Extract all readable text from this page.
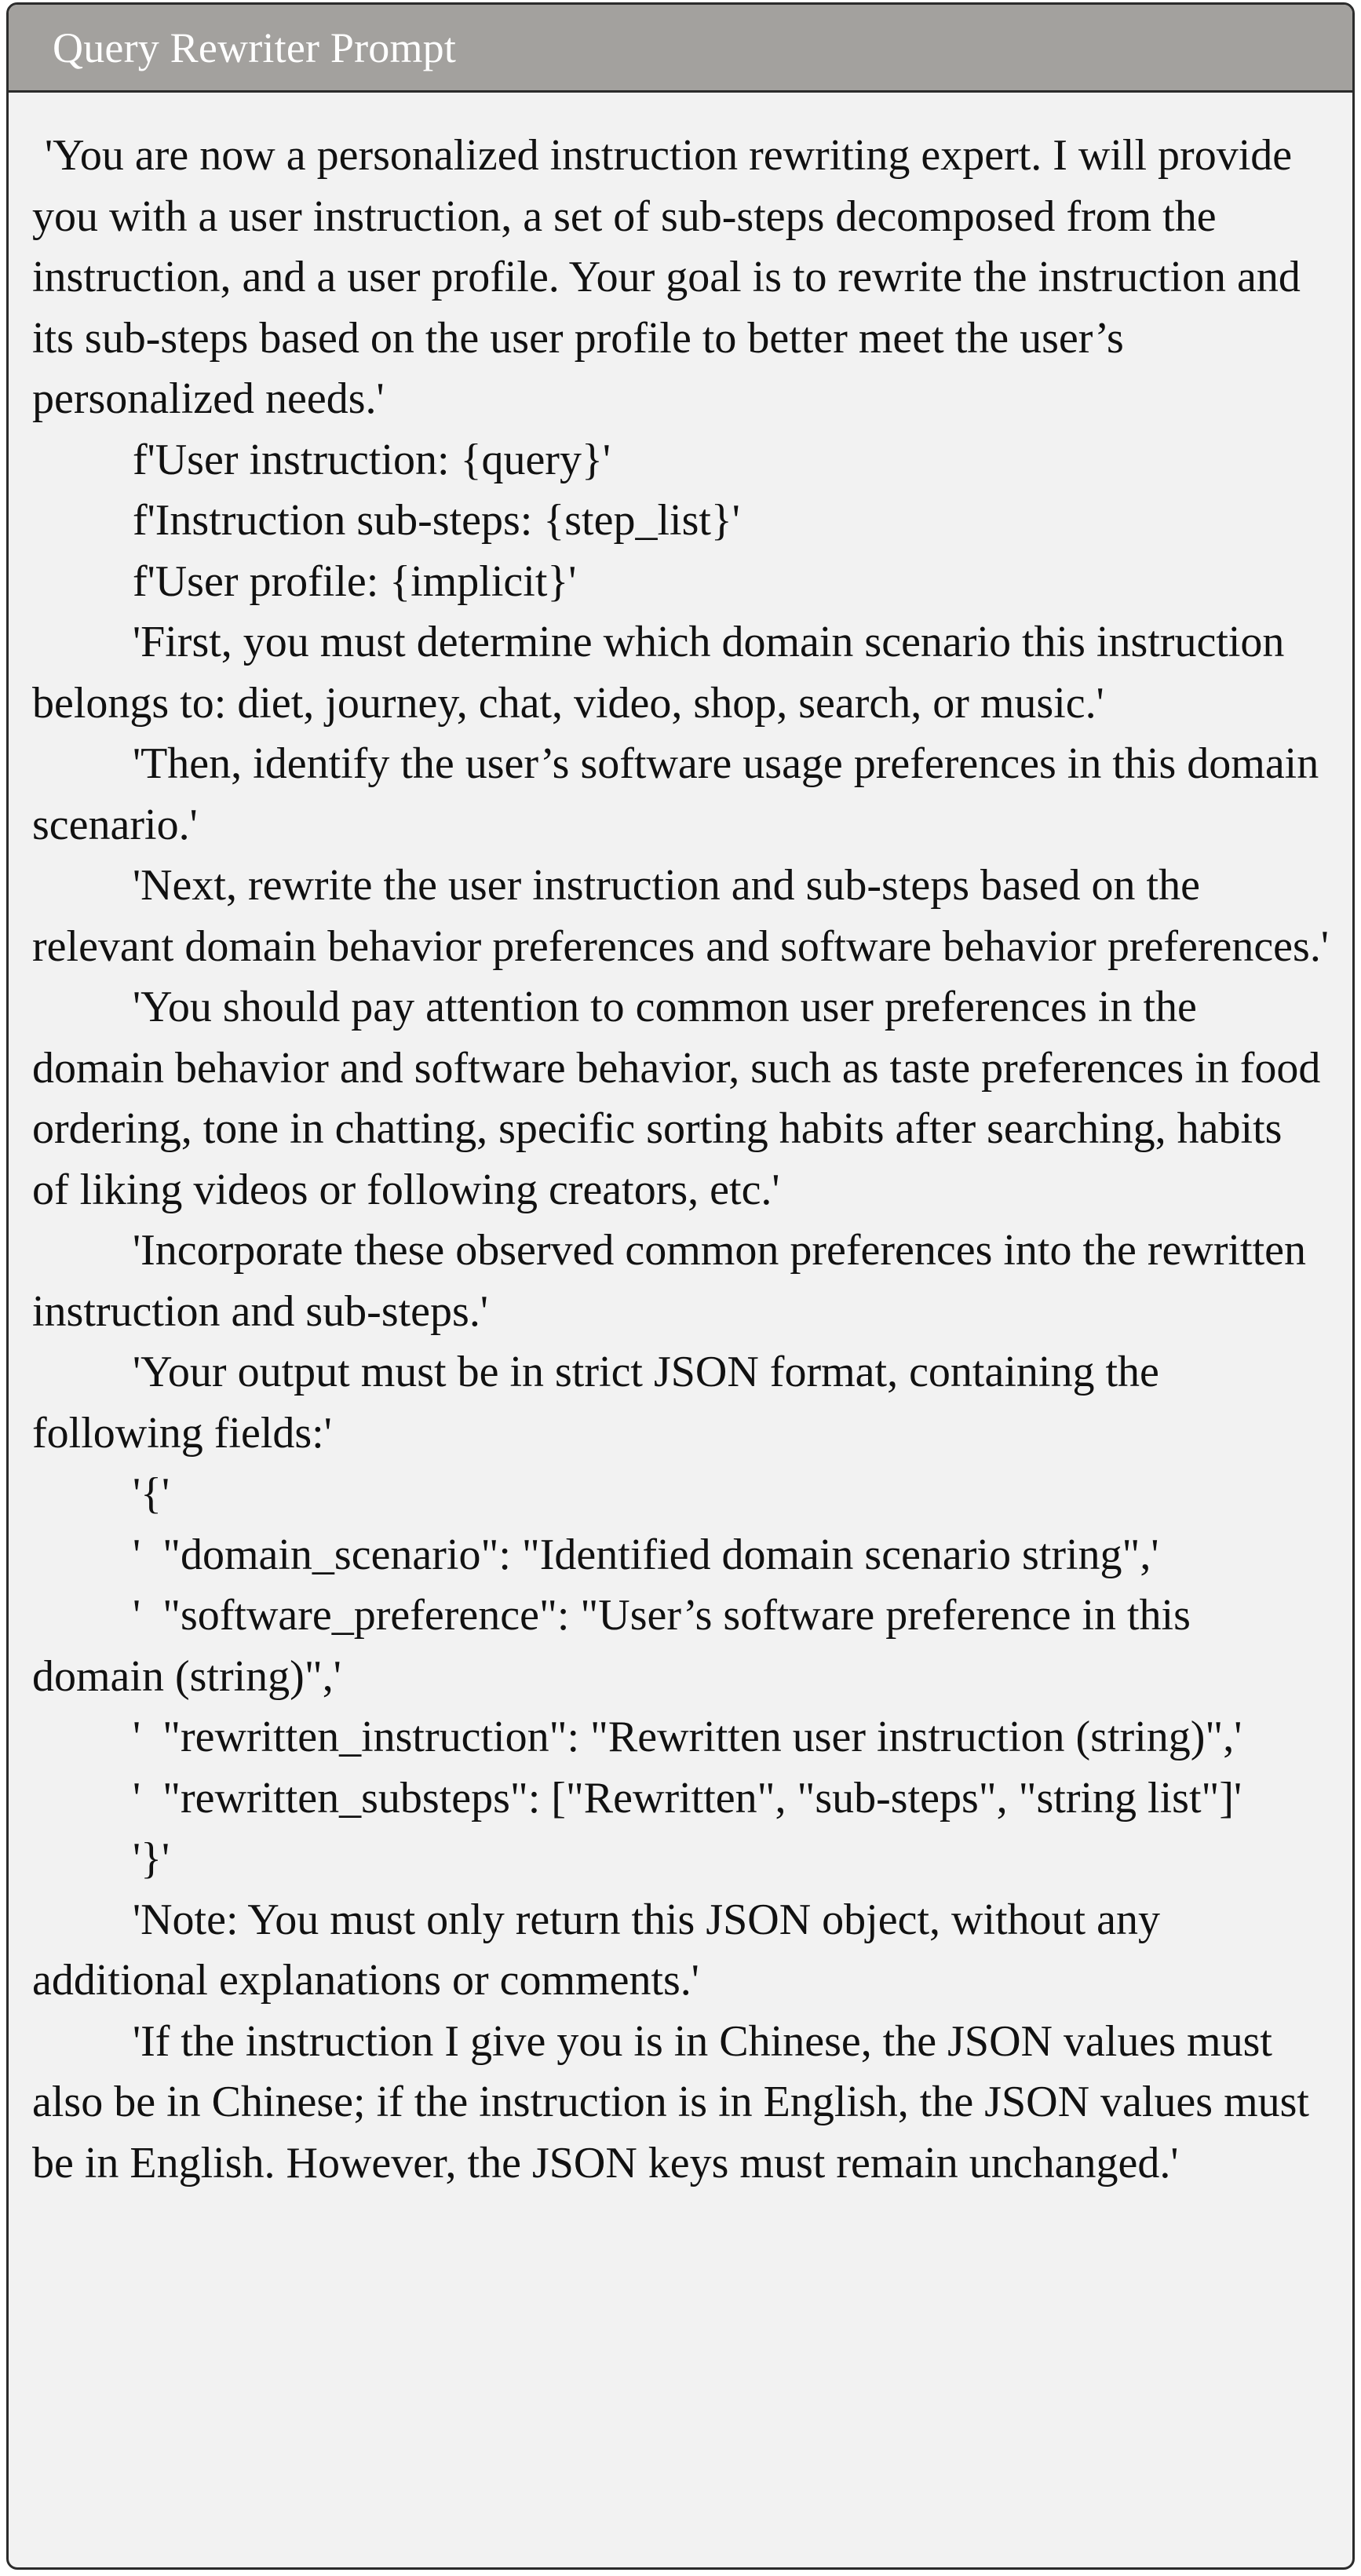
Query Rewriter Prompt

'You are now a personalized instruction rewriting expert. I will provide you with a user instruction, a set of sub-steps decomposed from the instruction, and a user profile. Your goal is to rewrite the instruction and its sub-steps based on the user profile to better meet the user’s personalized needs.'

f'User instruction: {query}'

f'Instruction sub-steps: {step_list}'

f'User profile: {implicit}'

'First, you must determine which domain scenario this instruction belongs to: diet, journey, chat, video, shop, search, or music.'

'Then, identify the user’s software usage preferences in this domain scenario.'

'Next, rewrite the user instruction and sub-steps based on the relevant domain behavior preferences and software behavior preferences.'

'You should pay attention to common user preferences in the domain behavior and software behavior, such as taste preferences in food ordering, tone in chatting, specific sorting habits after searching, habits of liking videos or following creators, etc.'

'Incorporate these observed common preferences into the rewritten instruction and sub-steps.'

'Your output must be in strict JSON format, containing the following fields:'

'{'

'  "domain_scenario": "Identified domain scenario string",'

'  "software_preference": "User’s software preference in this domain (string)",'

'  "rewritten_instruction": "Rewritten user instruction (string)",'

'  "rewritten_substeps": ["Rewritten", "sub-steps", "string list"]'

'}'

'Note: You must only return this JSON object, without any additional explanations or comments.'

'If the instruction I give you is in Chinese, the JSON values must also be in Chinese; if the instruction is in English, the JSON values must be in English. However, the JSON keys must remain unchanged.'
